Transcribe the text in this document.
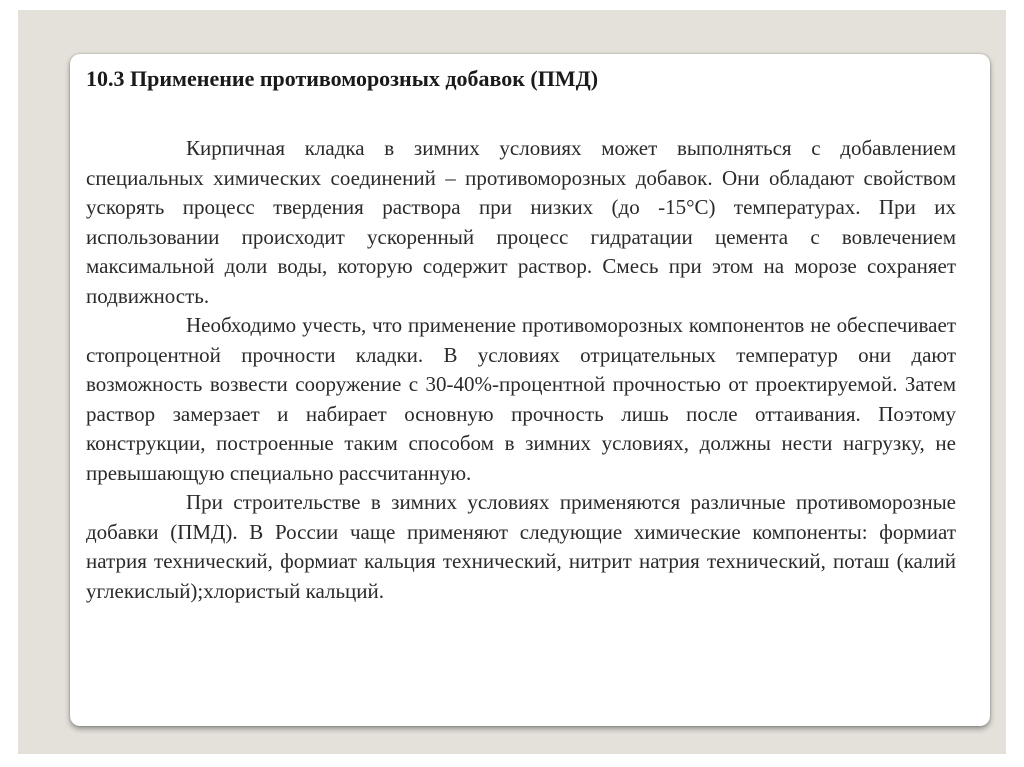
10.3 Применение противоморозных добавок (ПМД)

Кирпичная кладка в зимних условиях может выполняться с добавлением специальных химических соединений – противоморозных добавок. Они обладают свойством ускорять процесс твердения раствора при низких (до -15°С) температурах. При их использовании происходит ускоренный процесс гидратации цемента с вовлечением максимальной доли воды, которую содержит раствор. Смесь при этом на морозе сохраняет подвижность.

Необходимо учесть, что применение противоморозных компонентов не обеспечивает стопроцентной прочности кладки. В условиях отрицательных температур они дают возможность возвести сооружение с 30-40%-процентной прочностью от проектируемой. Затем раствор замерзает и набирает основную прочность лишь после оттаивания. Поэтому конструкции, построенные таким способом в зимних условиях, должны нести нагрузку, не превышающую специально рассчитанную.

При строительстве в зимних условиях применяются различные противоморозные добавки (ПМД). В России чаще применяют следующие химические компоненты: формиат натрия технический, формиат кальция технический, нитрит натрия технический, поташ (калий углекислый);хлористый кальций.
